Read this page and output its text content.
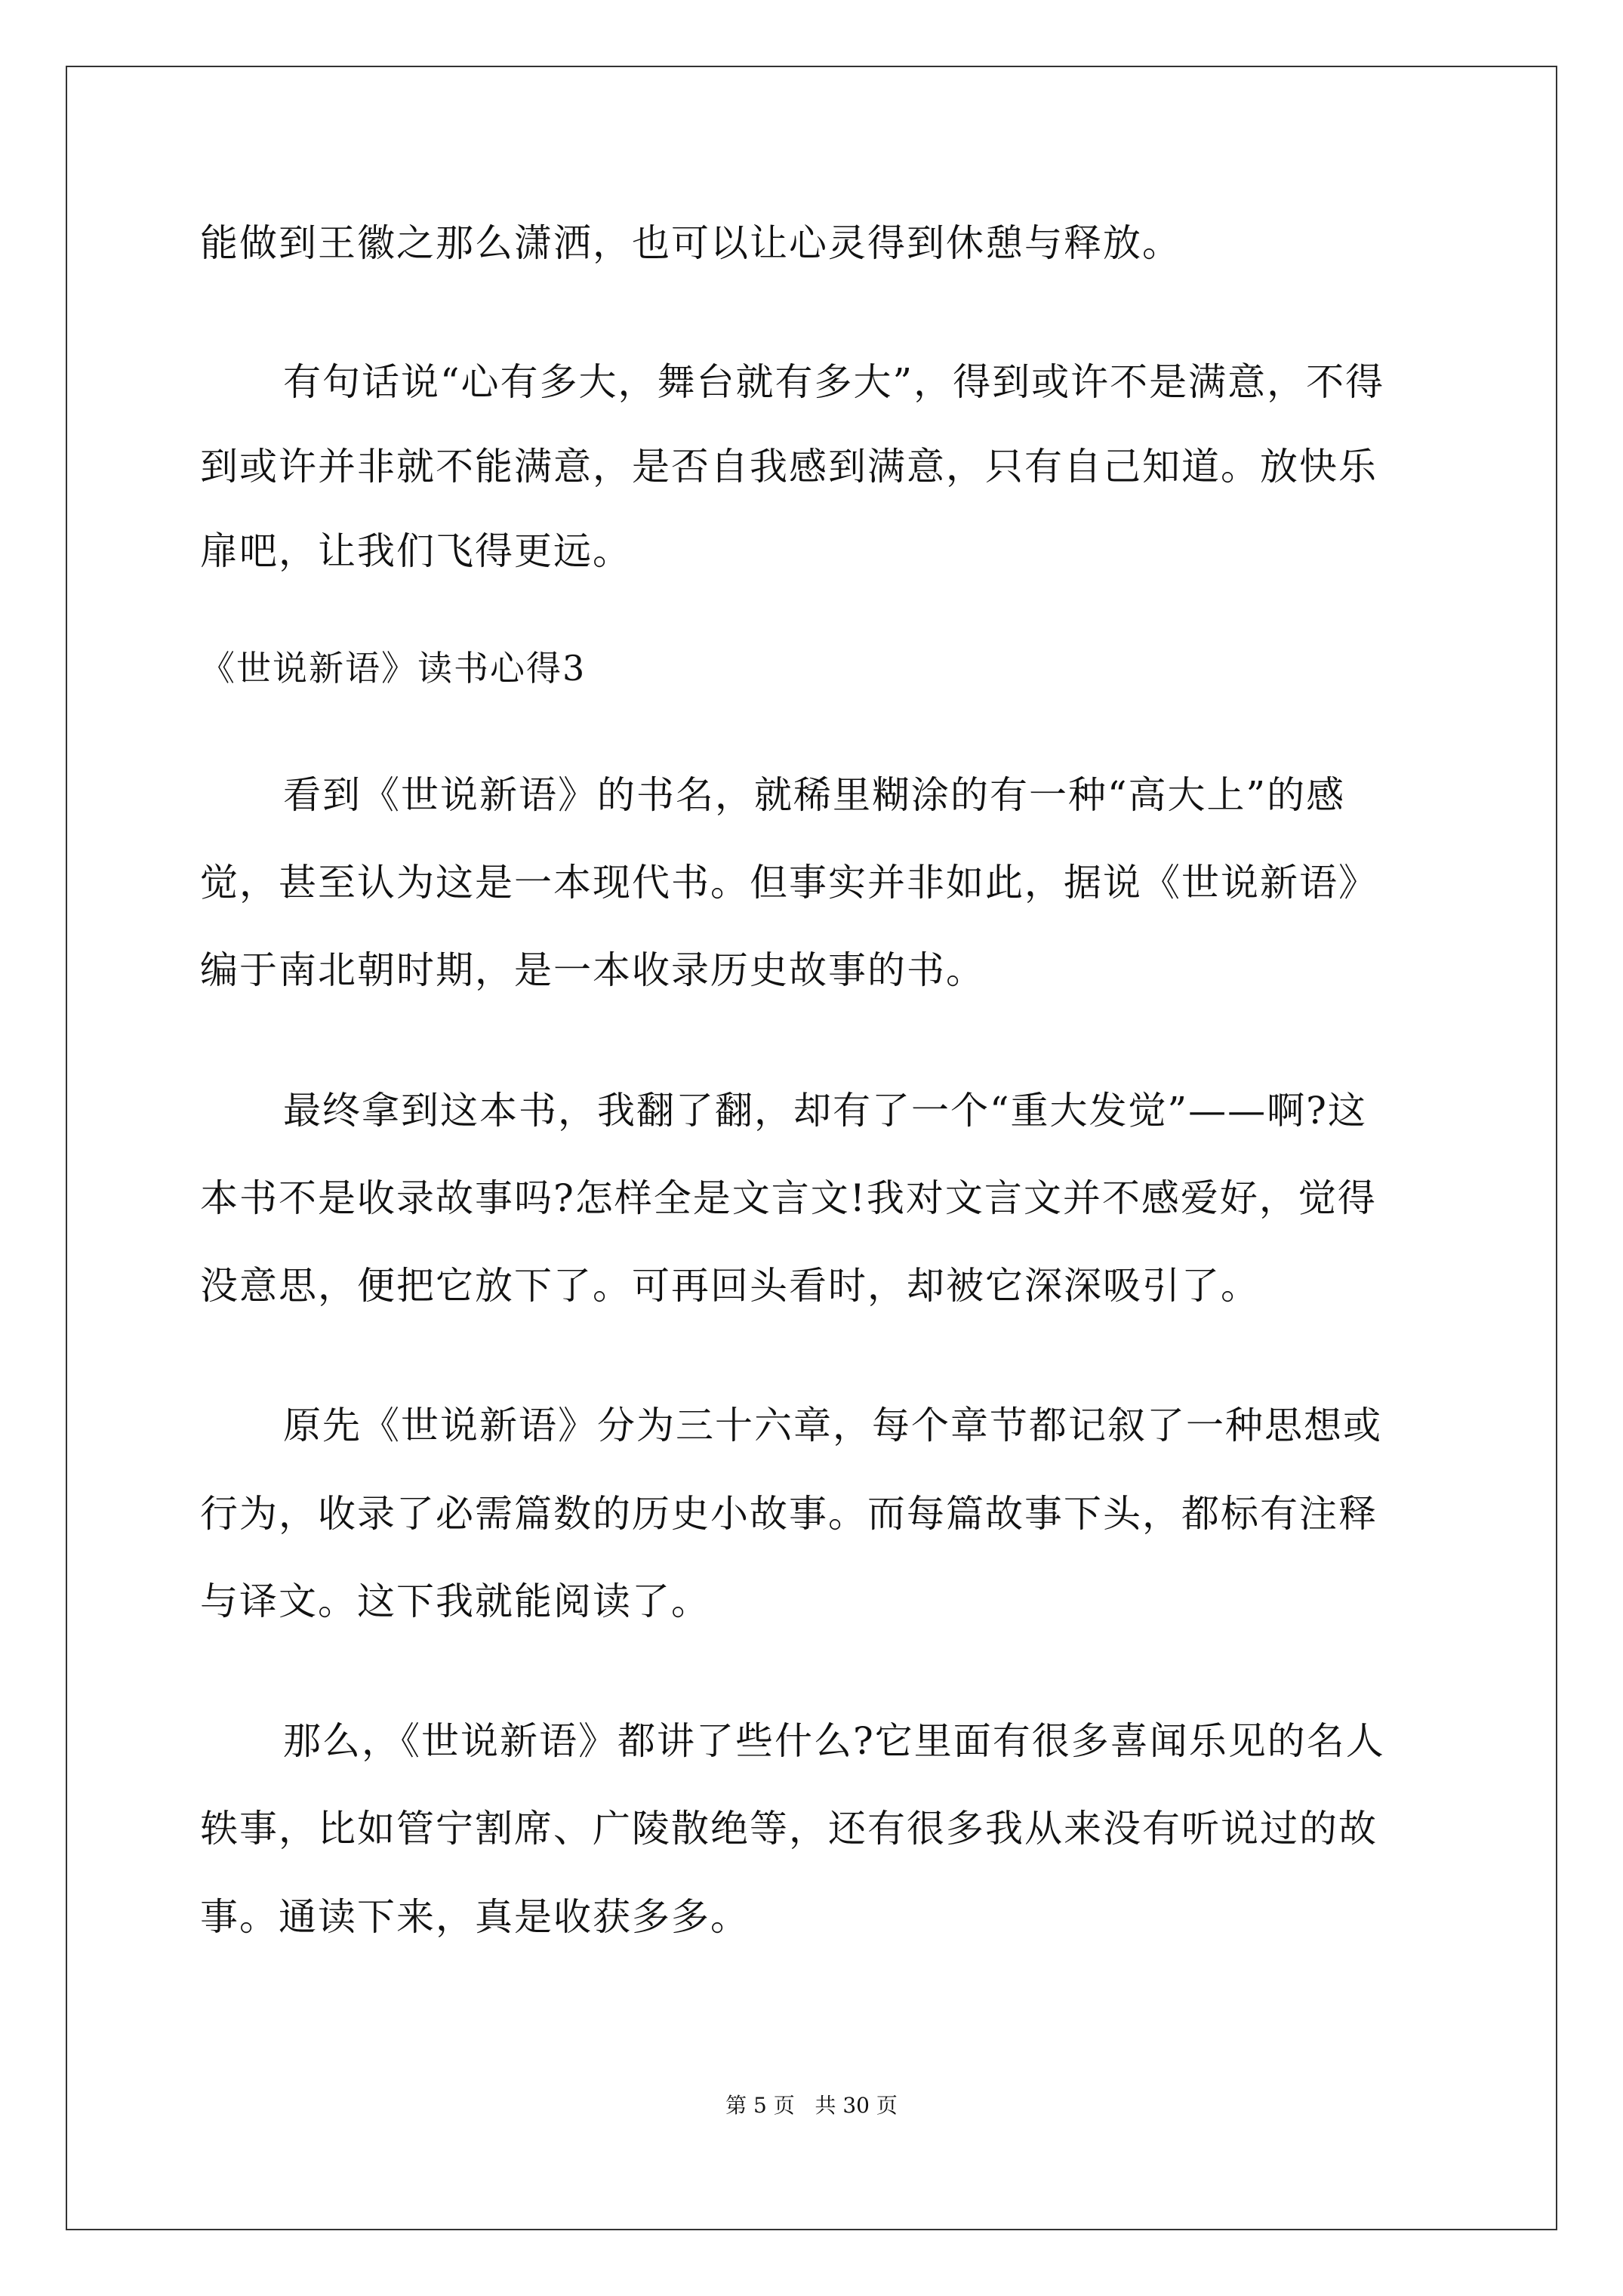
能做到王徽之那么潇洒，也可以让心灵得到休憩与释放。
有句话说“心有多大，舞台就有多大”，得到或许不是满意，不得
到或许并非就不能满意，是否自我感到满意，只有自己知道。放快乐
扉吧，让我们飞得更远。
《世说新语》读书心得3
看到《世说新语》的书名，就稀里糊涂的有一种“高大上”的感
觉，甚至认为这是一本现代书。但事实并非如此，据说《世说新语》
编于南北朝时期，是一本收录历史故事的书。
最终拿到这本书，我翻了翻，却有了一个“重大发觉”——啊?这
本书不是收录故事吗?怎样全是文言文!我对文言文并不感爱好，觉得
没意思，便把它放下了。可再回头看时，却被它深深吸引了。
原先《世说新语》分为三十六章，每个章节都记叙了一种思想或
行为，收录了必需篇数的历史小故事。而每篇故事下头，都标有注释
与译文。这下我就能阅读了。
那么，《世说新语》都讲了些什么?它里面有很多喜闻乐见的名人
轶事，比如管宁割席、广陵散绝等，还有很多我从来没有听说过的故
事。通读下来，真是收获多多。
第 5 页   共 30 页
